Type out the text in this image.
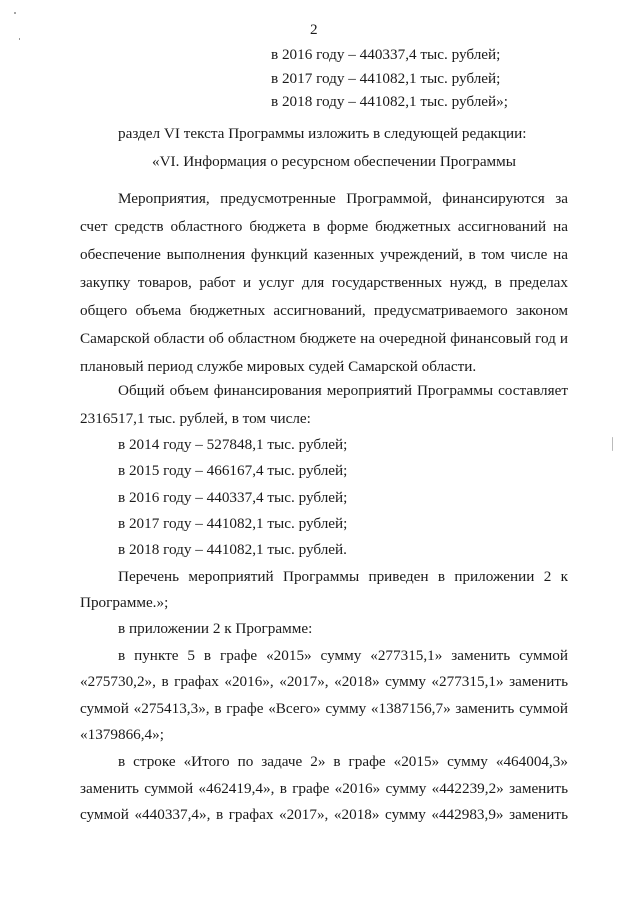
2
в 2016 году – 440337,4 тыс. рублей;
в 2017 году – 441082,1 тыс. рублей;
в 2018 году – 441082,1 тыс. рублей»;
раздел VI текста Программы изложить в следующей редакции:
«VI. Информация о ресурсном обеспечении Программы
Мероприятия, предусмотренные Программой, финансируются за
счет средств областного бюджета в форме бюджетных ассигнований на
обеспечение выполнения функций казенных учреждений, в том числе на
закупку товаров, работ и услуг для государственных нужд, в пределах
общего объема бюджетных ассигнований, предусматриваемого законом
Самарской области об областном бюджете на очередной финансовый год и
плановый период службе мировых судей Самарской области.
Общий объем финансирования мероприятий Программы составляет
2316517,1 тыс. рублей, в том числе:
в 2014 году – 527848,1 тыс. рублей;
в 2015 году – 466167,4 тыс. рублей;
в 2016 году – 440337,4 тыс. рублей;
в 2017 году – 441082,1 тыс. рублей;
в 2018 году – 441082,1 тыс. рублей.
Перечень мероприятий Программы приведен в приложении 2 к
Программе.»;
в приложении 2 к Программе:
в пункте 5 в графе «2015» сумму «277315,1» заменить суммой
«275730,2», в графах «2016», «2017», «2018» сумму «277315,1» заменить
суммой «275413,3», в графе «Всего» сумму «1387156,7» заменить суммой
«1379866,4»;
в строке «Итого по задаче 2» в графе «2015» сумму «464004,3»
заменить суммой «462419,4», в графе «2016» сумму «442239,2» заменить
суммой «440337,4», в графах «2017», «2018» сумму «442983,9» заменить
